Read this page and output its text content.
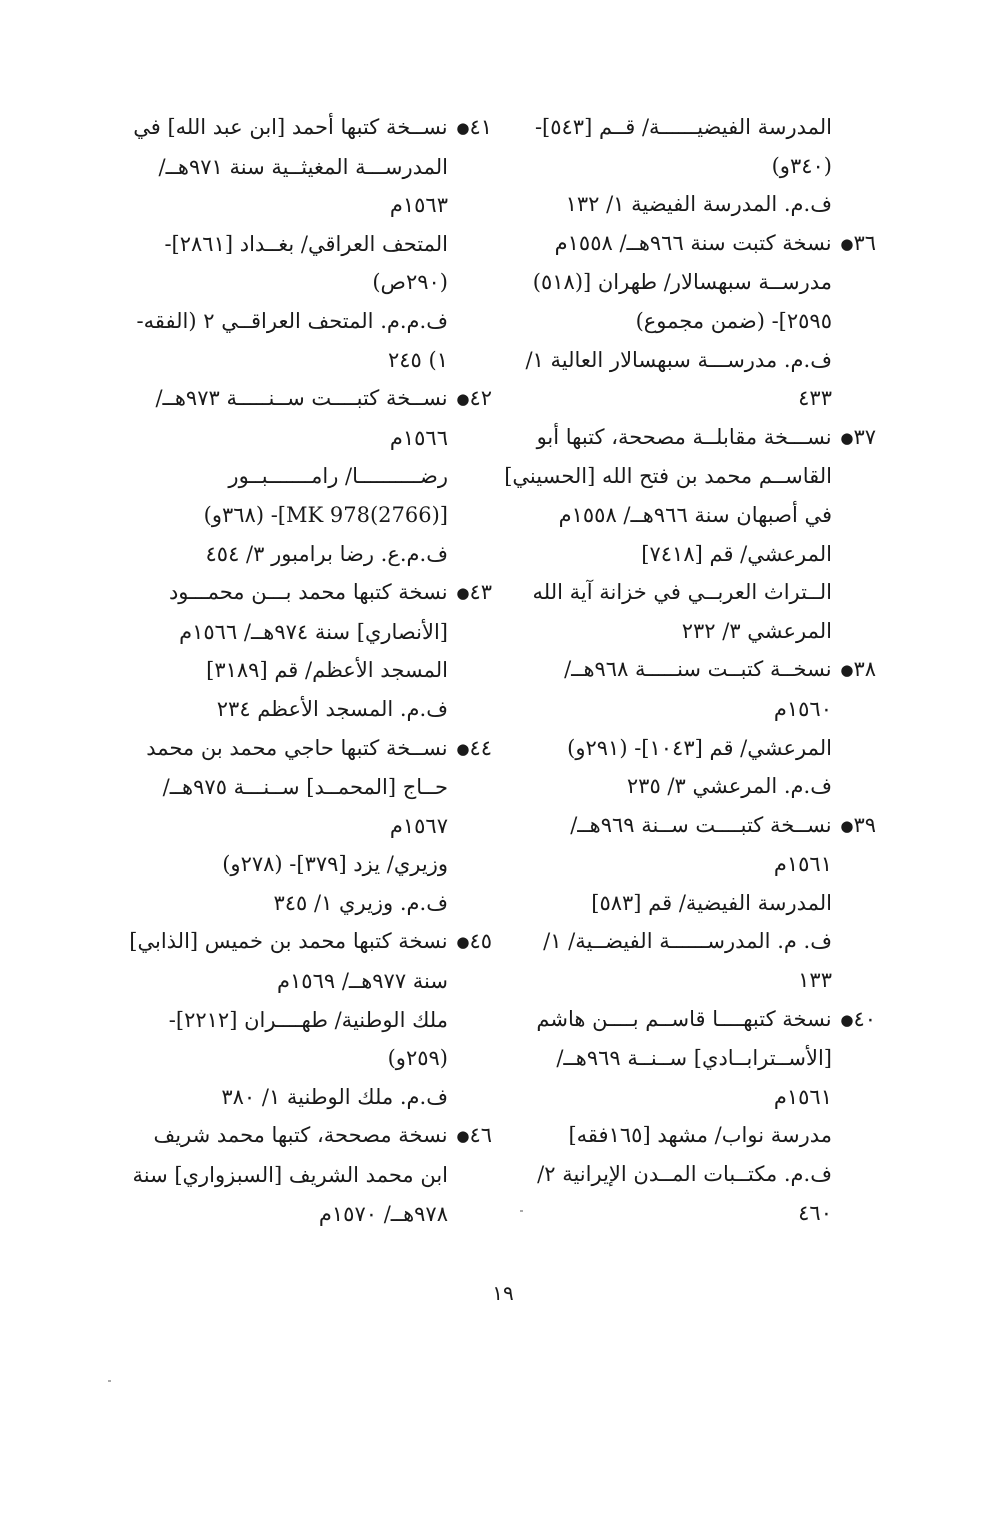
المدرسة الفيضيــــــة/ قــم [٥٤٣]-
(٣٤٠و)
ف.م. المدرسة الفيضية ١/ ١٣٢
٣٦● نسخة كتبت سنة ٩٦٦هــ/ ١٥٥٨م
مدرســة سبهسالار/ طهران [(٥١٨)
٢٥٩٥]- (ضمن مجموع)
ف.م. مدرســـة سبهسالار العالية ١/
٤٣٣
٣٧● نســـخة مقابلــة مصححة، كتبها أبو
القاســم محمد بن فتح الله [الحسيني]
في أصبهان سنة ٩٦٦هــ/ ١٥٥٨م
المرعشي/ قم [٧٤١٨]
الــتراث العربــي في خزانة آية الله
المرعشي ٣/ ٢٣٢
٣٨● نسخــة كتبــت سنـــــة ٩٦٨هــ/
١٥٦٠م
المرعشي/ قم [١٠٤٣]- (٢٩١و)
ف.م. المرعشي ٣/ ٢٣٥
٣٩● نســخة كتبــــت ســنة ٩٦٩هــ/
١٥٦١م
المدرسة الفيضية/ قم [٥٨٣]
ف. م. المدرســــــة الفيضــية/ ١/
١٣٣
٤٠● نسخة كتبهــــا قاســم بــــن هاشم
[الأســترابــادي] ســنــة ٩٦٩هــ/
١٥٦١م
مدرسة نواب/ مشهد [١٦٥فقه]
ف.م. مكتــبات المــدن الإيرانية ٢/
٤٦٠
٤١● نســخة كتبها أحمد [ابن عبد الله] في
المدرســـة المغيثــية سنة ٩٧١هــ/
١٥٦٣م
المتحف العراقي/ بغــداد [٢٨٦١]-
(٢٩٠ص)
ف.م.م. المتحف العراقــي ٢ (الفقه-
١) ٢٤٥
٤٢● نســخة كتبــــت ســنـــــة ٩٧٣هــ/
١٥٦٦م
رضــــــــــا/ رامـــــــبــور
[MK 978(2766)]- (٣٦٨و)
ف.م.ع. رضا برامبور ٣/ ٤٥٤
٤٣● نسخة كتبها محمد بـــن محمـــود
[الأنصاري] سنة ٩٧٤هــ/ ١٥٦٦م
المسجد الأعظم/ قم [٣١٨٩]
ف.م. المسجد الأعظم ٢٣٤
٤٤● نســخة كتبها حاجي محمد بن محمد
حــاج [المحمــد] ســنـــة ٩٧٥هــ/
١٥٦٧م
وزيري/ يزد [٣٧٩]- (٢٧٨و)
ف.م. وزيري ١/ ٣٤٥
٤٥● نسخة كتبها محمد بن خميس [الذابي]
سنة ٩٧٧هــ/ ١٥٦٩م
ملك الوطنية/ طهــــران [٢٢١٢]-
(٢٥٩و)
ف.م. ملك الوطنية ١/ ٣٨٠
٤٦● نسخة مصححة، كتبها محمد شريف
ابن محمد الشريف [السبزواري] سنة
٩٧٨هــ/ ١٥٧٠م
١٩
